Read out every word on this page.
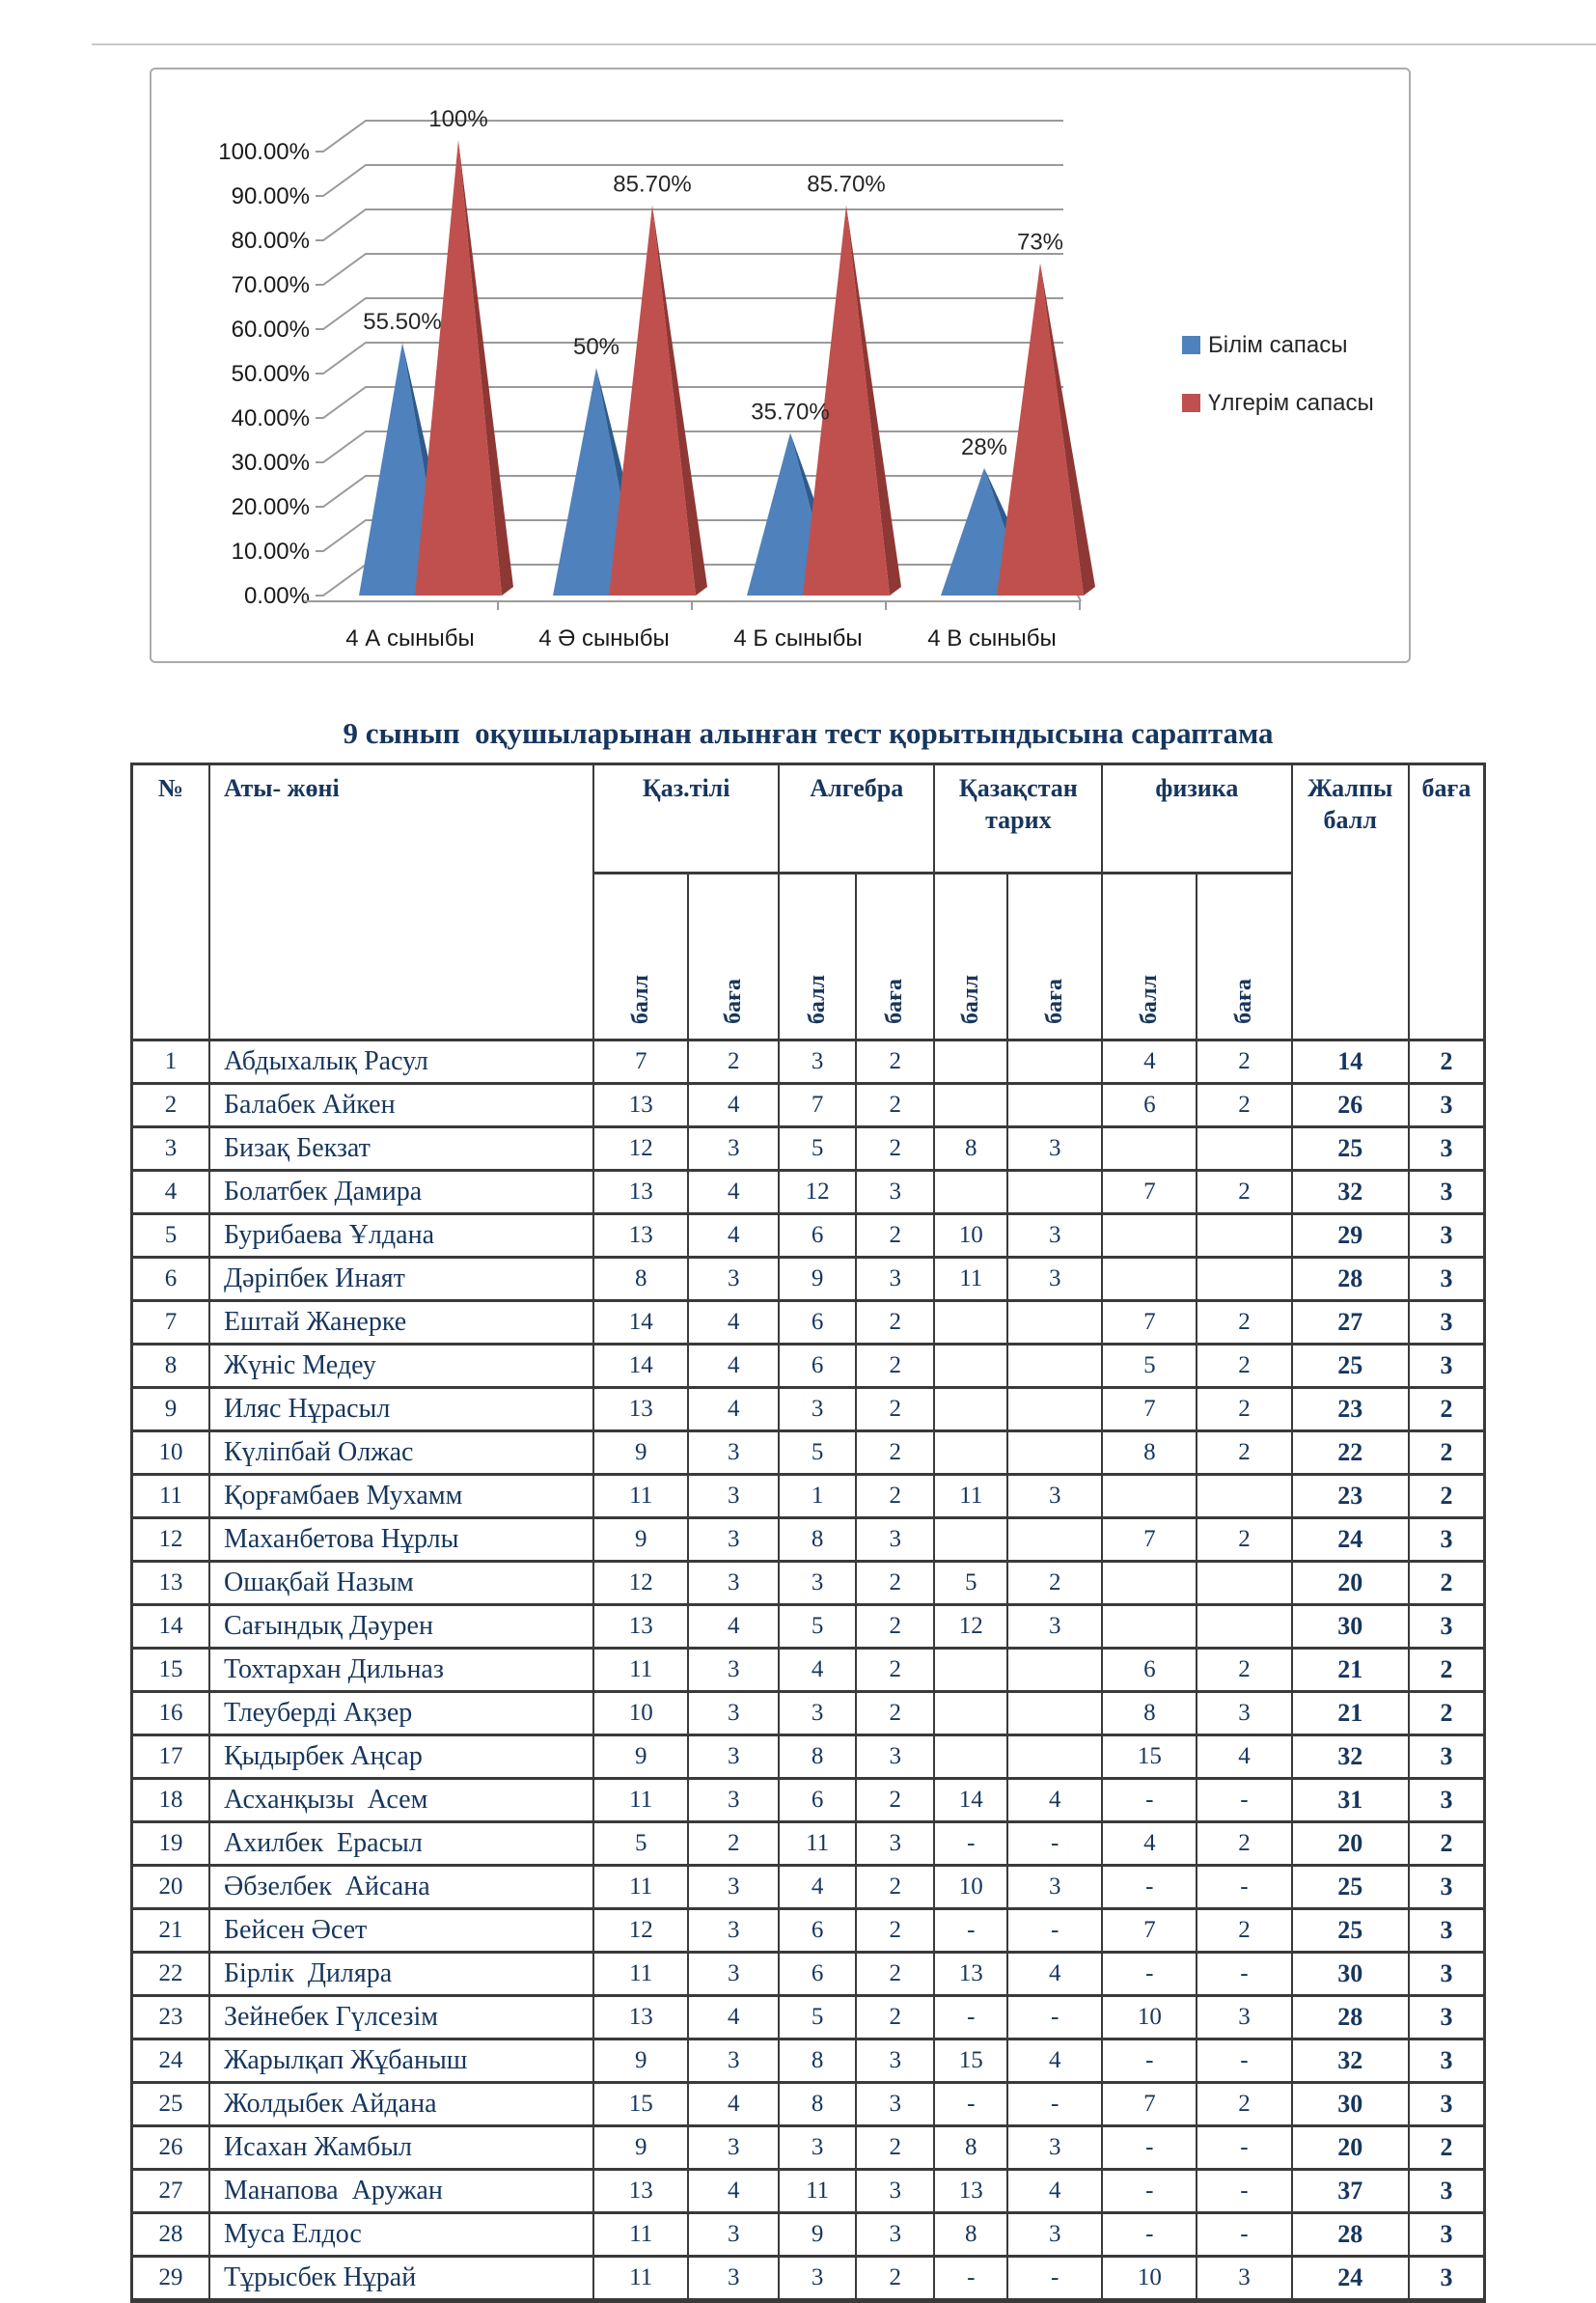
100.00%
90.00%
80.00%
70.00%
60.00%
50.00%
40.00%
30.00%
20.00%
10.00%
0.00%
4 А сыныбы
55.50%
100%
4 Ә сыныбы
50%
85.70%
4 Б сыныбы
35.70%
85.70%
4 В сыныбы
28%
73%
Білім сапасы
Үлгерім сапасы
9 сынып  оқушыларынан алынған тест қорытындысына сараптама
№	Аты- жөні	Қаз.тілі		Алгебра		Қазақстан тарих		физика		Жалпы балл	баға
		балл	баға	балл	баға	балл	баға	балл	баға		
1	Абдыхалық Расул	7	2	3	2			4	2	14	2
2	Балабек Айкен	13	4	7	2			6	2	26	3
3	Бизақ Бекзат	12	3	5	2	8	3			25	3
4	Болатбек Дамира	13	4	12	3			7	2	32	3
5	Бурибаева Ұлдана	13	4	6	2	10	3			29	3
6	Дәріпбек Инаят	8	3	9	3	11	3			28	3
7	Ештай Жанерке	14	4	6	2			7	2	27	3
8	Жүніс Медеу	14	4	6	2			5	2	25	3
9	Иляс Нұрасыл	13	4	3	2			7	2	23	2
10	Күліпбай Олжас	9	3	5	2			8	2	22	2
11	Қорғамбаев Мухамм	11	3	1	2	11	3			23	2
12	Маханбетова Нұрлы	9	3	8	3			7	2	24	3
13	Ошақбай Назым	12	3	3	2	5	2			20	2
14	Сағындық Дәурен	13	4	5	2	12	3			30	3
15	Тохтархан Дильназ	11	3	4	2			6	2	21	2
16	Тлеуберді Ақзер	10	3	3	2			8	3	21	2
17	Қыдырбек Аңсар	9	3	8	3			15	4	32	3
18	Асханқызы  Асем	11	3	6	2	14	4	-	-	31	3
19	Ахилбек  Ерасыл	5	2	11	3	-	-	4	2	20	2
20	Әбзелбек  Айсана	11	3	4	2	10	3	-	-	25	3
21	Бейсен Әсет	12	3	6	2	-	-	7	2	25	3
22	Бірлік  Диляра	11	3	6	2	13	4	-	-	30	3
23	Зейнебек Гүлсезім	13	4	5	2	-	-	10	3	28	3
24	Жарылқап Жұбаныш	9	3	8	3	15	4	-	-	32	3
25	Жолдыбек Айдана	15	4	8	3	-	-	7	2	30	3
26	Исахан Жамбыл	9	3	3	2	8	3	-	-	20	2
27	Манапова  Аружан	13	4	11	3	13	4	-	-	37	3
28	Муса Елдос	11	3	9	3	8	3	-	-	28	3
29	Тұрысбек Нұрай	11	3	3	2	-	-	10	3	24	3
